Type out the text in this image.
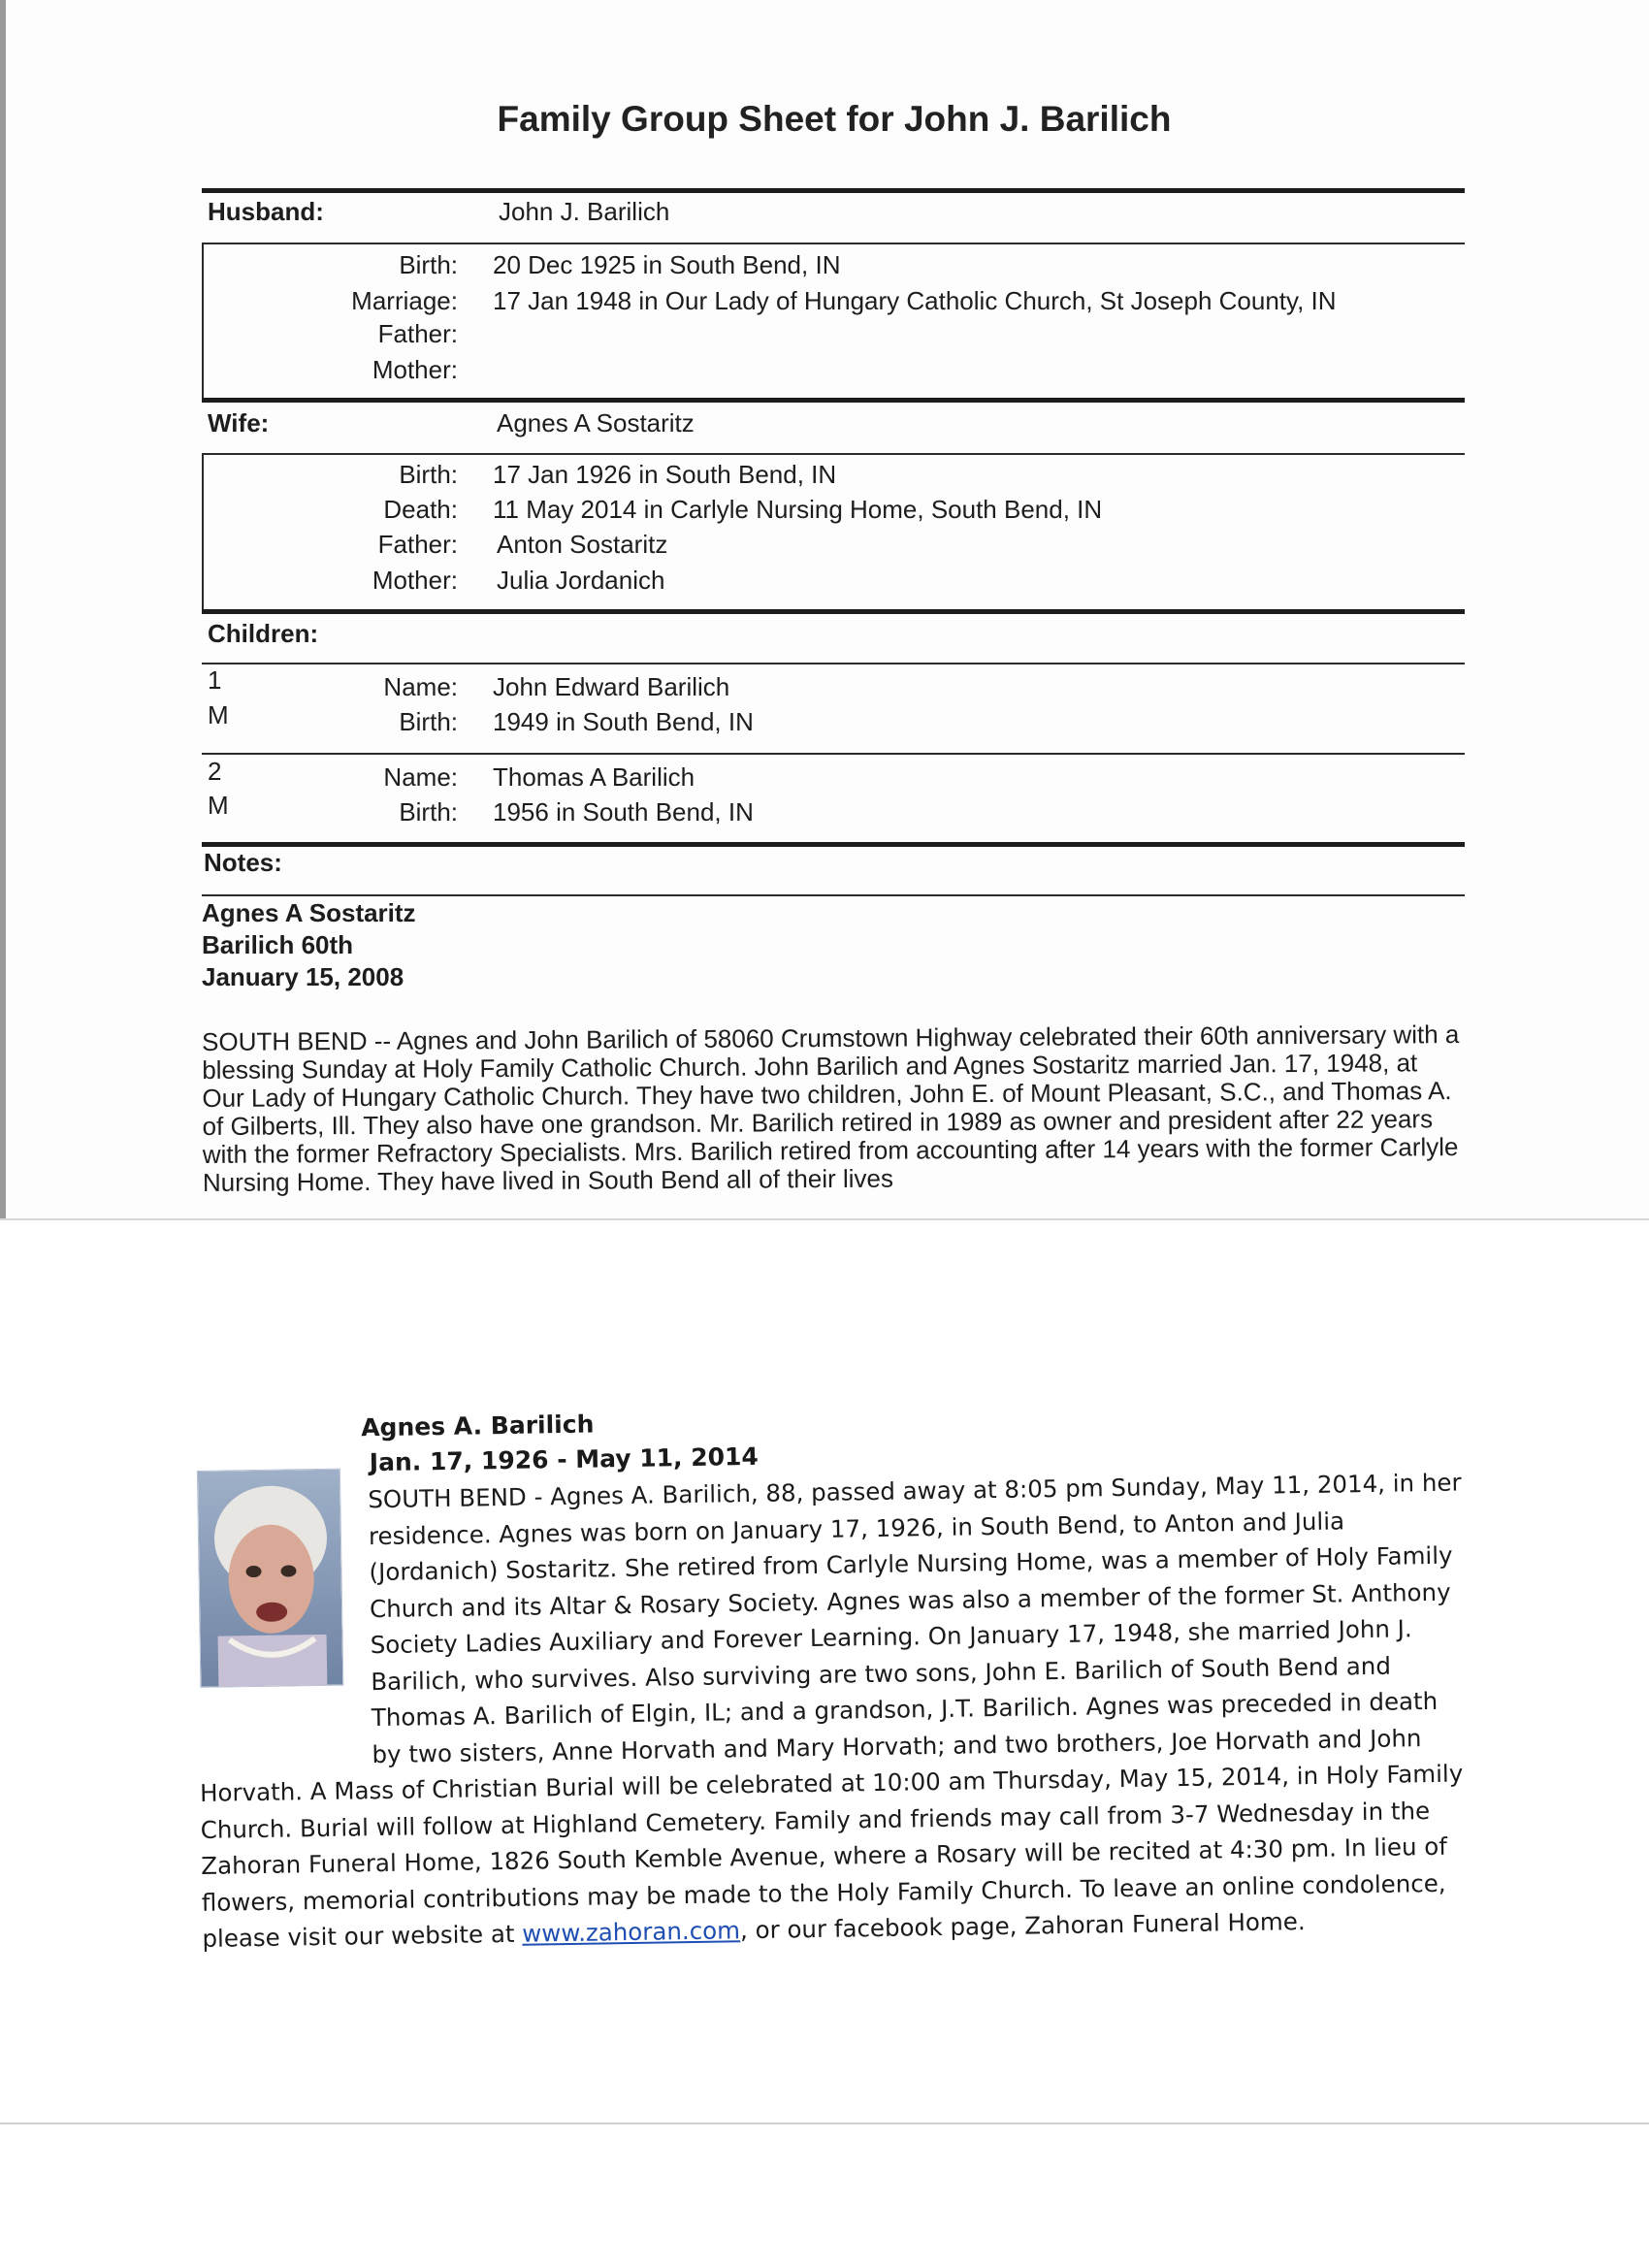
Family Group Sheet for John J. Barilich
Husband:	John J. Barilich
Birth: 20 Dec 1925 in South Bend, IN
Marriage: 17 Jan 1948 in Our Lady of Hungary Catholic Church, St Joseph County, IN
Father:
Mother:
Wife:	Agnes A Sostaritz
Birth: 17 Jan 1926 in South Bend, IN
Death: 11 May 2014 in Carlyle Nursing Home, South Bend, IN
Father: Anton Sostaritz
Mother: Julia Jordanich
Children:
1
M
Name: John Edward Barilich
Birth: 1949 in South Bend, IN
2
M
Name: Thomas A Barilich
Birth: 1956 in South Bend, IN
Notes:
Agnes A Sostaritz
Barilich 60th
January 15, 2008
SOUTH BEND -- Agnes and John Barilich of 58060 Crumstown Highway celebrated their 60th anniversary with a blessing Sunday at Holy Family Catholic Church. John Barilich and Agnes Sostaritz married Jan. 17, 1948, at Our Lady of Hungary Catholic Church. They have two children, John E. of Mount Pleasant, S.C., and Thomas A. of Gilberts, Ill. They also have one grandson. Mr. Barilich retired in 1989 as owner and president after 22 years with the former Refractory Specialists. Mrs. Barilich retired from accounting after 14 years with the former Carlyle Nursing Home. They have lived in South Bend all of their lives
Agnes A. Barilich
Jan. 17, 1926 - May 11, 2014
SOUTH BEND - Agnes A. Barilich, 88, passed away at 8:05 pm Sunday, May 11, 2014, in her residence. Agnes was born on January 17, 1926, in South Bend, to Anton and Julia (Jordanich) Sostaritz. She retired from Carlyle Nursing Home, was a member of Holy Family Church and its Altar & Rosary Society. Agnes was also a member of the former St. Anthony Society Ladies Auxiliary and Forever Learning. On January 17, 1948, she married John J. Barilich, who survives. Also surviving are two sons, John E. Barilich of South Bend and Thomas A. Barilich of Elgin, IL; and a grandson, J.T. Barilich. Agnes was preceded in death by two sisters, Anne Horvath and Mary Horvath; and two brothers, Joe Horvath and John Horvath. A Mass of Christian Burial will be celebrated at 10:00 am Thursday, May 15, 2014, in Holy Family Church. Burial will follow at Highland Cemetery. Family and friends may call from 3-7 Wednesday in the Zahoran Funeral Home, 1826 South Kemble Avenue, where a Rosary will be recited at 4:30 pm. In lieu of flowers, memorial contributions may be made to the Holy Family Church. To leave an online condolence, please visit our website at www.zahoran.com, or our facebook page, Zahoran Funeral Home.
